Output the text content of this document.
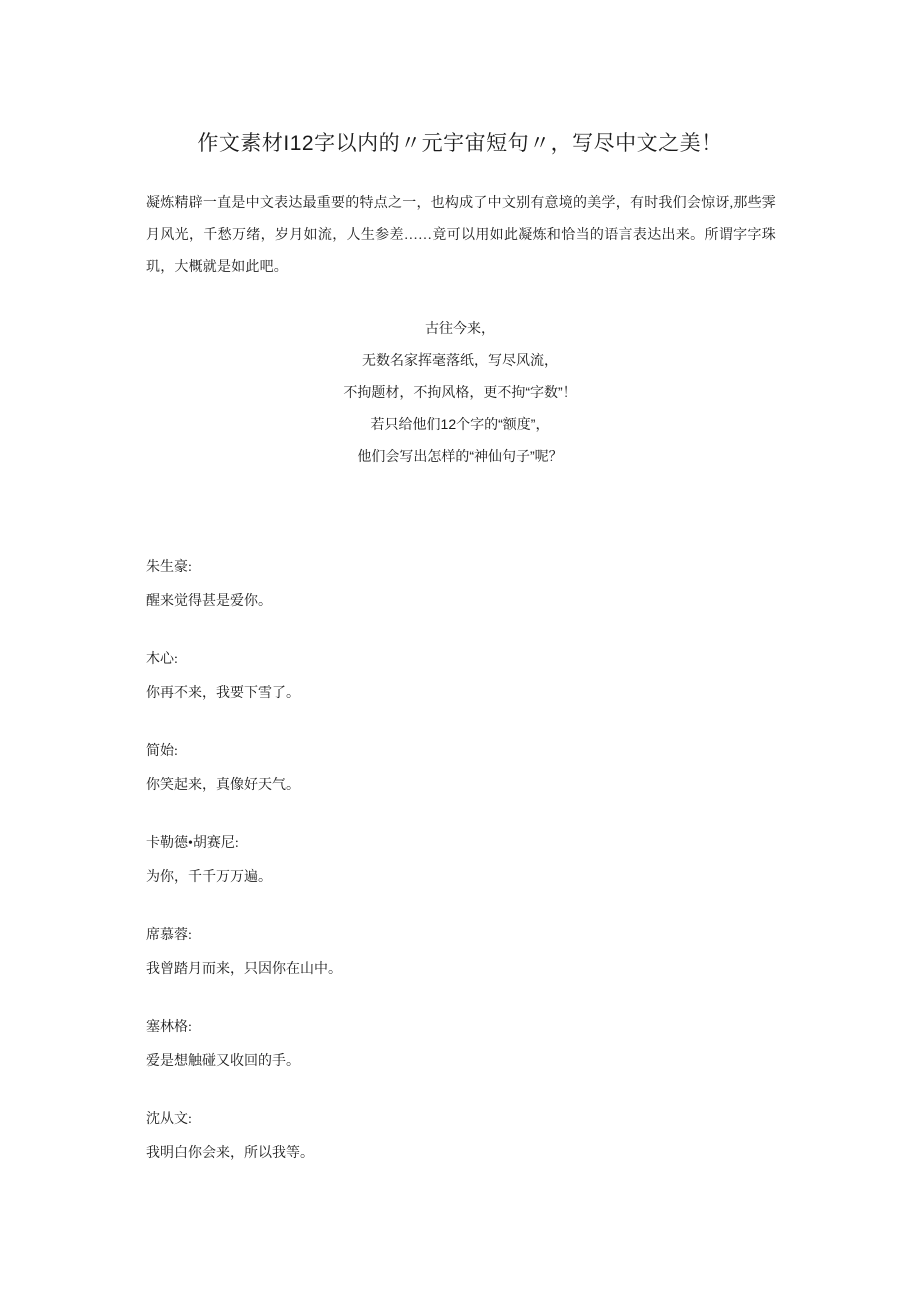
作文素材I12字以内的〃元宇宙短句〃，写尽中文之美！

凝炼精辟一直是中文表达最重要的特点之一，也构成了中文别有意境的美学，有时我们会惊讶,那些霁月风光，千愁万绪，岁月如流，人生参差……竟可以用如此凝炼和恰当的语言表达出来。所谓字字珠玑，大概就是如此吧。

古往今来，
无数名家挥毫落纸，写尽风流，
不拘题材，不拘风格，更不拘“字数”！
若只给他们12个字的“额度”，
他们会写出怎样的“神仙句子”呢？
朱生豪:
醒来觉得甚是爱你。
木心:
你再不来，我要下雪了。
简始:
你笑起来，真像好天气。
卡勒德•胡赛尼:
为你，千千万万遍。
席慕蓉:
我曾踏月而来，只因你在山中。
塞林格:
爱是想触碰又收回的手。
沈从文:
我明白你会来，所以我等。
